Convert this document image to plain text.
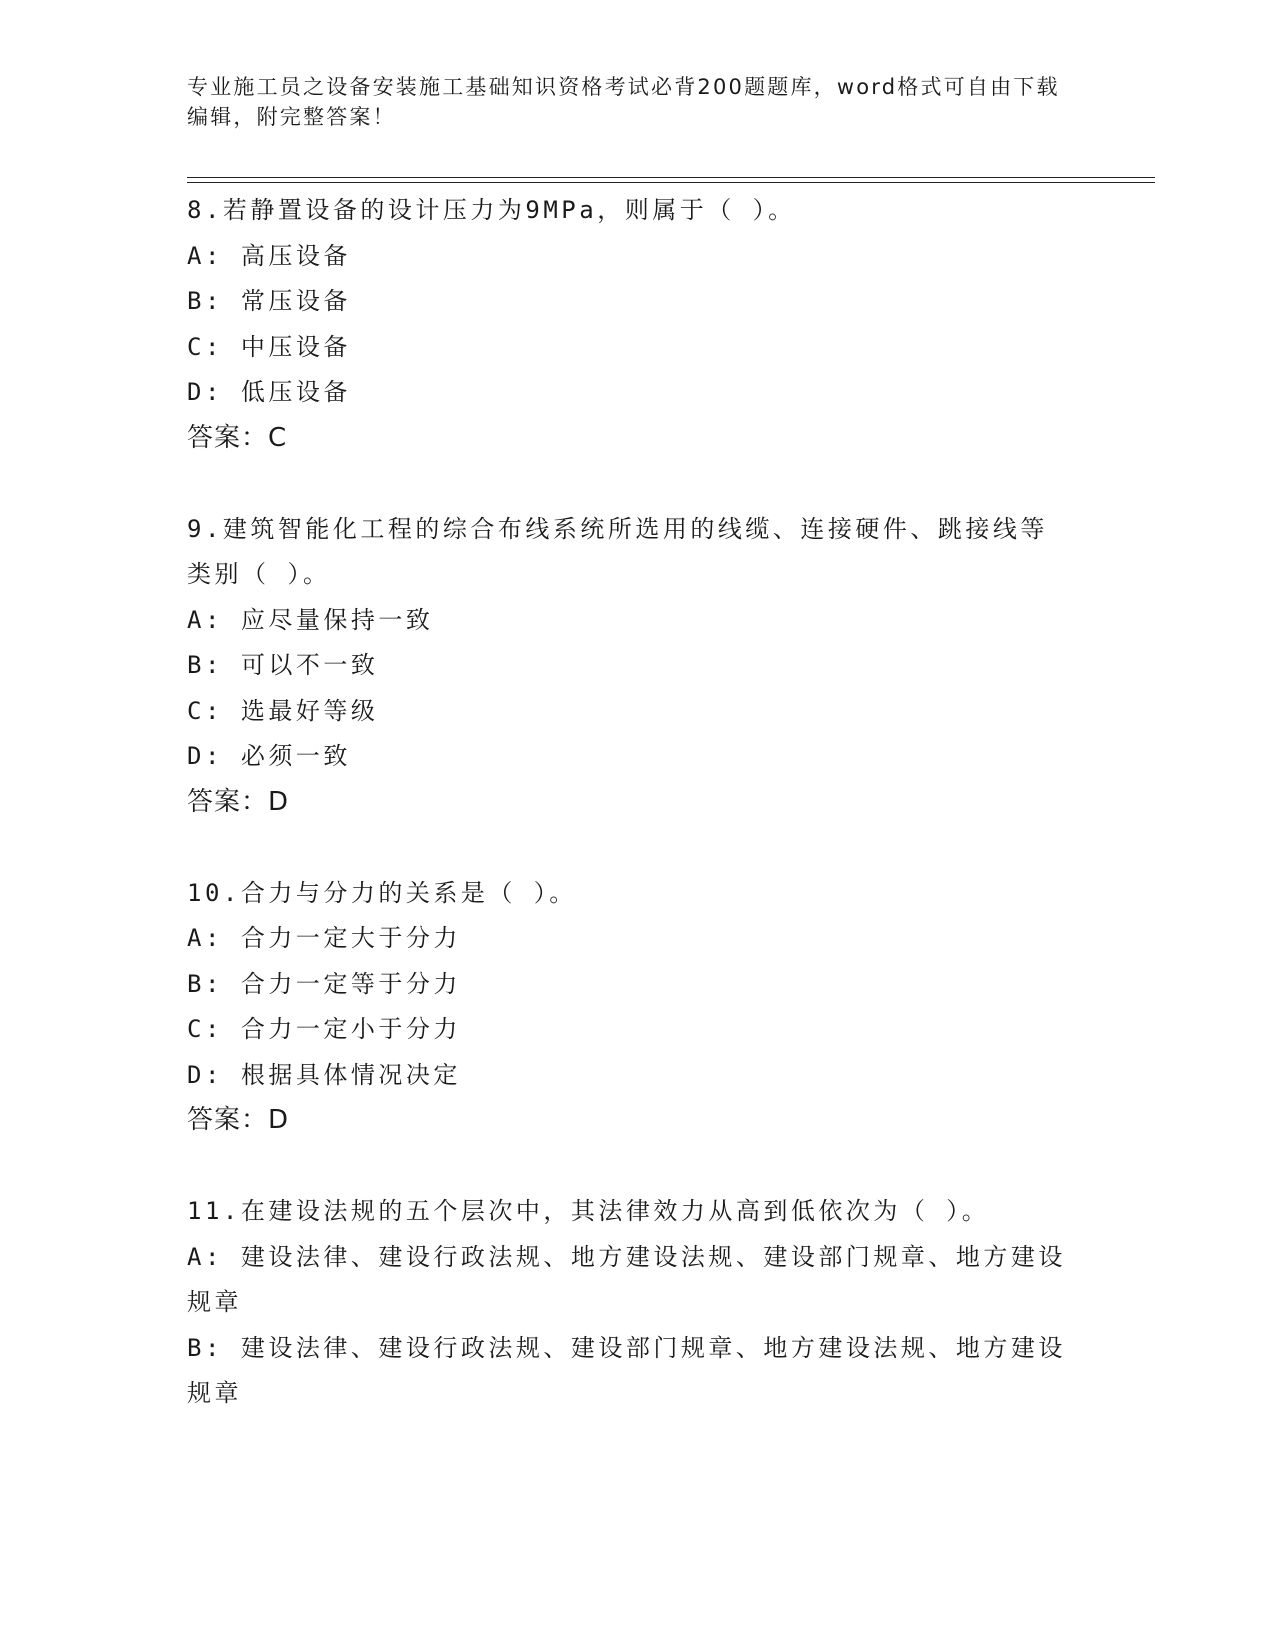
专业施工员之设备安装施工基础知识资格考试必背200题题库，word格式可自由下载编辑，附完整答案！
8.若静置设备的设计压力为9MPa，则属于（ ）。
A: 高压设备
B: 常压设备
C: 中压设备
D: 低压设备
答案：C
9.建筑智能化工程的综合布线系统所选用的线缆、连接硬件、跳接线等类别（ ）。
A: 应尽量保持一致
B: 可以不一致
C: 选最好等级
D: 必须一致
答案：D
10.合力与分力的关系是（ ）。
A: 合力一定大于分力
B: 合力一定等于分力
C: 合力一定小于分力
D: 根据具体情况决定
答案：D
11.在建设法规的五个层次中，其法律效力从高到低依次为（ ）。
A: 建设法律、建设行政法规、地方建设法规、建设部门规章、地方建设规章
B: 建设法律、建设行政法规、建设部门规章、地方建设法规、地方建设规章
